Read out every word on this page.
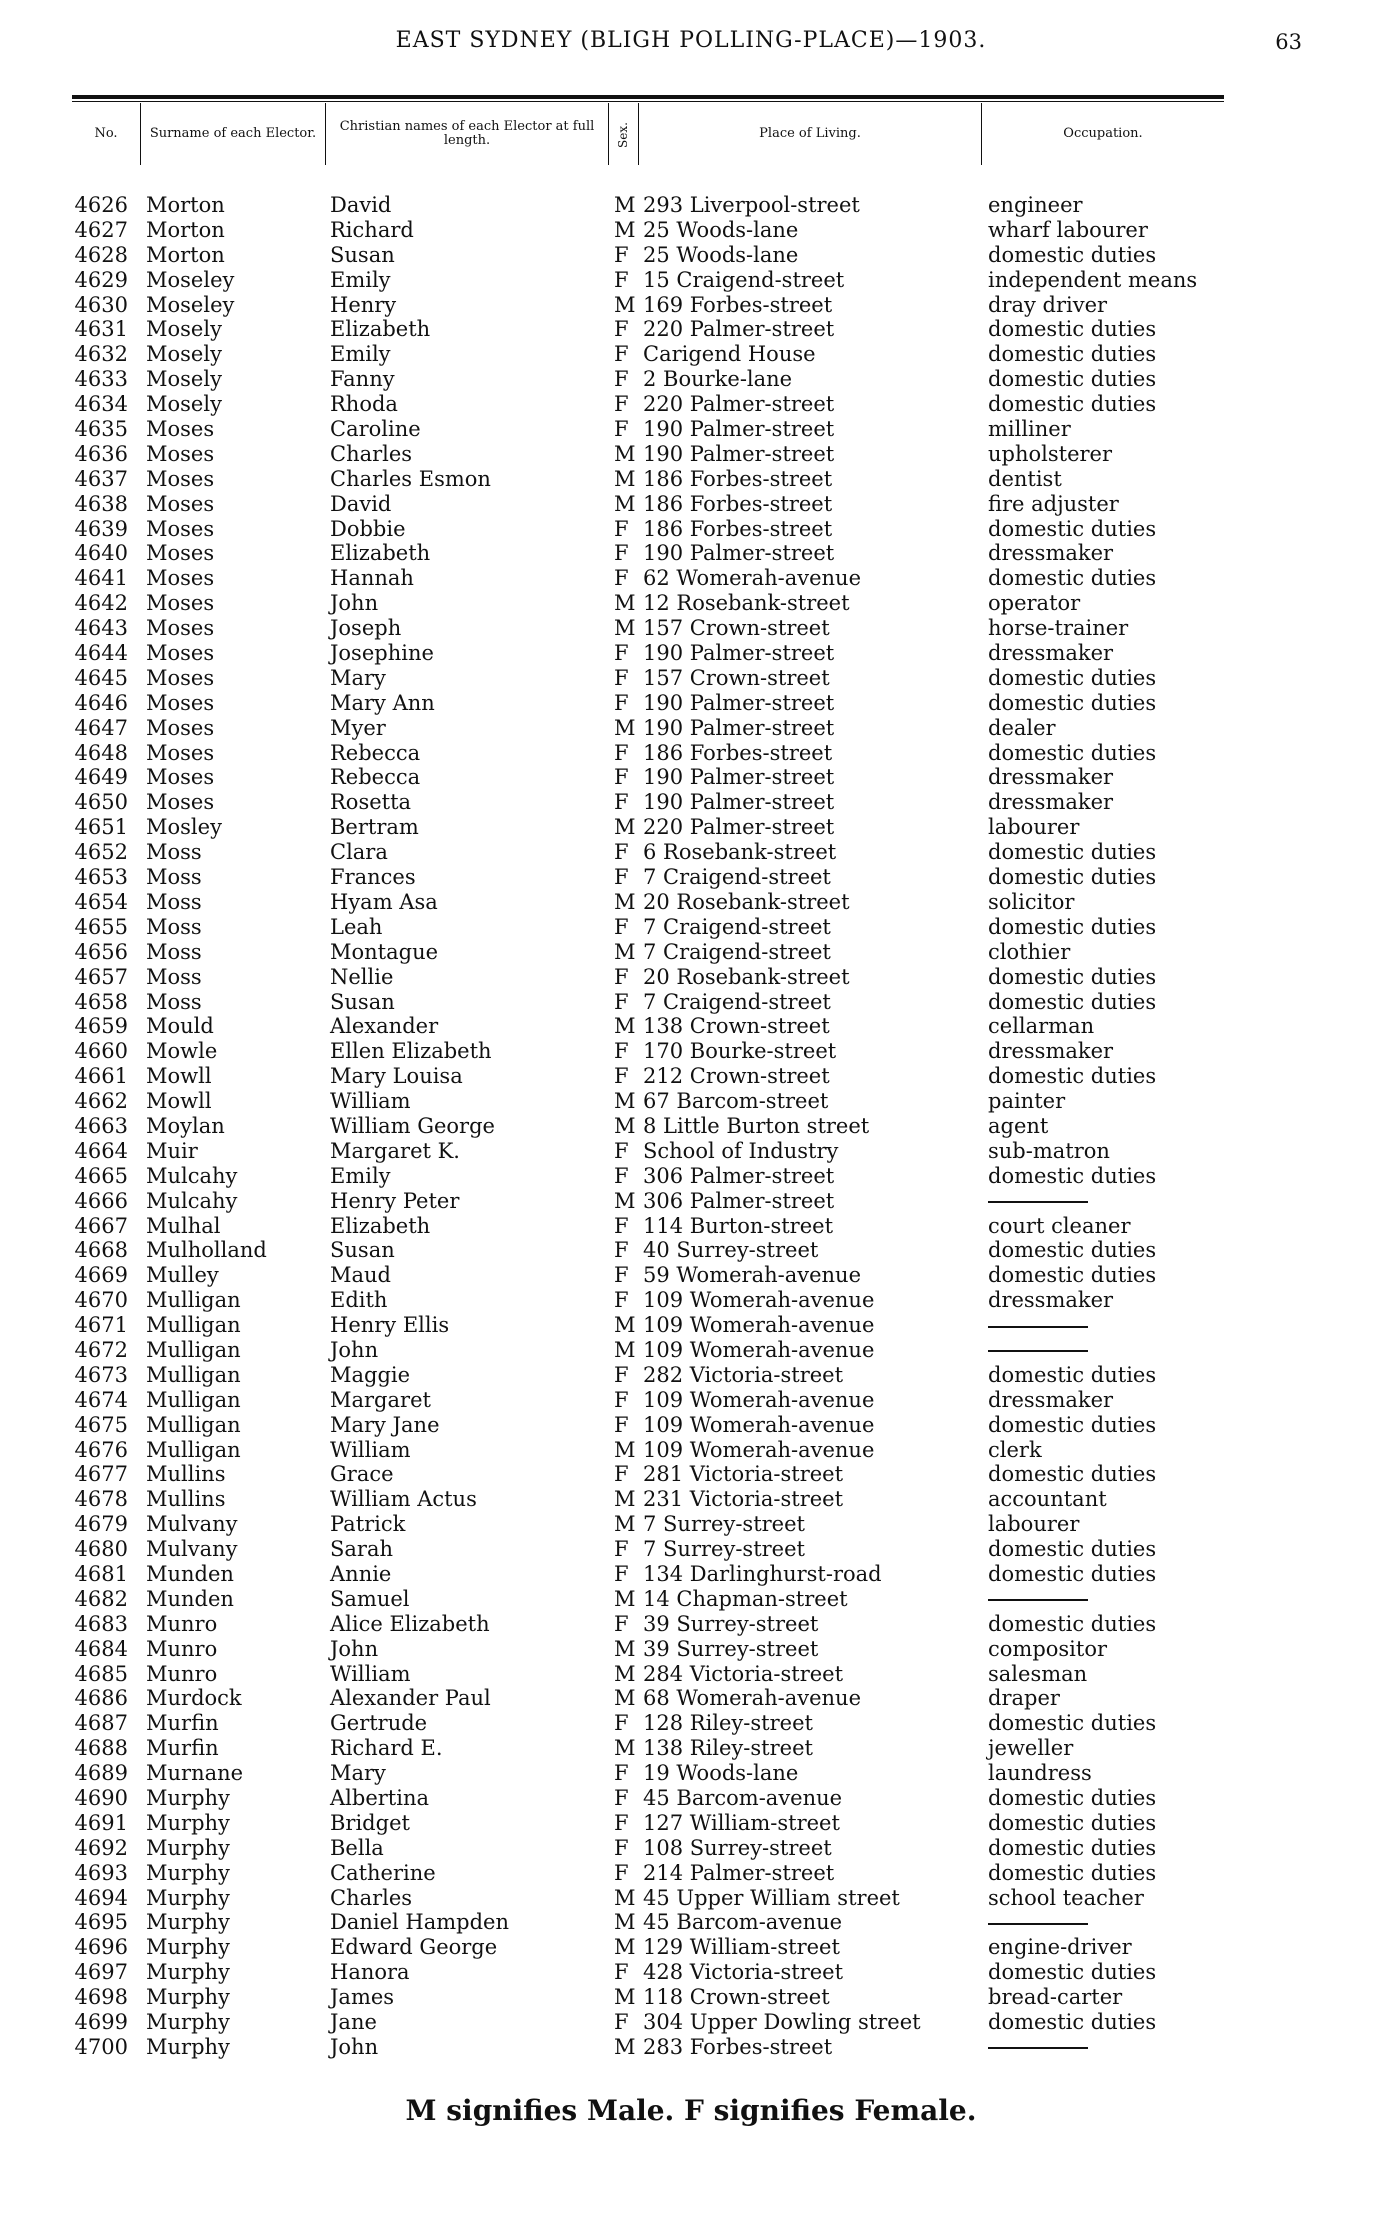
EAST SYDNEY (BLIGH POLLING-PLACE)—1903.	63
No.	Surname of each Elector.	Christian names of each Elector at full length.	Sex.	Place of Living.	Occupation.
4626 Morton	David	M 293 Liverpool-street	engineer
4627 Morton	Richard	M 25 Woods-lane	wharf labourer
4628 Morton	Susan	F 25 Woods-lane	domestic duties
4629 Moseley	Emily	F 15 Craigend-street	independent means
4630 Moseley	Henry	M 169 Forbes-street	dray driver
4631 Mosely	Elizabeth	F 220 Palmer-street	domestic duties
4632 Mosely	Emily	F Carigend House	domestic duties
4633 Mosely	Fanny	F 2 Bourke-lane	domestic duties
4634 Mosely	Rhoda	F 220 Palmer-street	domestic duties
4635 Moses	Caroline	F 190 Palmer-street	milliner
4636 Moses	Charles	M 190 Palmer-street	upholsterer
4637 Moses	Charles Esmon	M 186 Forbes-street	dentist
4638 Moses	David	M 186 Forbes-street	fire adjuster
4639 Moses	Dobbie	F 186 Forbes-street	domestic duties
4640 Moses	Elizabeth	F 190 Palmer-street	dressmaker
4641 Moses	Hannah	F 62 Womerah-avenue	domestic duties
4642 Moses	John	M 12 Rosebank-street	operator
4643 Moses	Joseph	M 157 Crown-street	horse-trainer
4644 Moses	Josephine	F 190 Palmer-street	dressmaker
4645 Moses	Mary	F 157 Crown-street	domestic duties
4646 Moses	Mary Ann	F 190 Palmer-street	domestic duties
4647 Moses	Myer	M 190 Palmer-street	dealer
4648 Moses	Rebecca	F 186 Forbes-street	domestic duties
4649 Moses	Rebecca	F 190 Palmer-street	dressmaker
4650 Moses	Rosetta	F 190 Palmer-street	dressmaker
4651 Mosley	Bertram	M 220 Palmer-street	labourer
4652 Moss	Clara	F 6 Rosebank-street	domestic duties
4653 Moss	Frances	F 7 Craigend-street	domestic duties
4654 Moss	Hyam Asa	M 20 Rosebank-street	solicitor
4655 Moss	Leah	F 7 Craigend-street	domestic duties
4656 Moss	Montague	M 7 Craigend-street	clothier
4657 Moss	Nellie	F 20 Rosebank-street	domestic duties
4658 Moss	Susan	F 7 Craigend-street	domestic duties
4659 Mould	Alexander	M 138 Crown-street	cellarman
4660 Mowle	Ellen Elizabeth	F 170 Bourke-street	dressmaker
4661 Mowll	Mary Louisa	F 212 Crown-street	domestic duties
4662 Mowll	William	M 67 Barcom-street	painter
4663 Moylan	William George	M 8 Little Burton street	agent
4664 Muir	Margaret K.	F School of Industry	sub-matron
4665 Mulcahy	Emily	F 306 Palmer-street	domestic duties
4666 Mulcahy	Henry Peter	M 306 Palmer-street
4667 Mulhal	Elizabeth	F 114 Burton-street	court cleaner
4668 Mulholland	Susan	F 40 Surrey-street	domestic duties
4669 Mulley	Maud	F 59 Womerah-avenue	domestic duties
4670 Mulligan	Edith	F 109 Womerah-avenue	dressmaker
4671 Mulligan	Henry Ellis	M 109 Womerah-avenue
4672 Mulligan	John	M 109 Womerah-avenue
4673 Mulligan	Maggie	F 282 Victoria-street	domestic duties
4674 Mulligan	Margaret	F 109 Womerah-avenue	dressmaker
4675 Mulligan	Mary Jane	F 109 Womerah-avenue	domestic duties
4676 Mulligan	William	M 109 Womerah-avenue	clerk
4677 Mullins	Grace	F 281 Victoria-street	domestic duties
4678 Mullins	William Actus	M 231 Victoria-street	accountant
4679 Mulvany	Patrick	M 7 Surrey-street	labourer
4680 Mulvany	Sarah	F 7 Surrey-street	domestic duties
4681 Munden	Annie	F 134 Darlinghurst-road	domestic duties
4682 Munden	Samuel	M 14 Chapman-street
4683 Munro	Alice Elizabeth	F 39 Surrey-street	domestic duties
4684 Munro	John	M 39 Surrey-street	compositor
4685 Munro	William	M 284 Victoria-street	salesman
4686 Murdock	Alexander Paul	M 68 Womerah-avenue	draper
4687 Murfin	Gertrude	F 128 Riley-street	domestic duties
4688 Murfin	Richard E.	M 138 Riley-street	jeweller
4689 Murnane	Mary	F 19 Woods-lane	laundress
4690 Murphy	Albertina	F 45 Barcom-avenue	domestic duties
4691 Murphy	Bridget	F 127 William-street	domestic duties
4692 Murphy	Bella	F 108 Surrey-street	domestic duties
4693 Murphy	Catherine	F 214 Palmer-street	domestic duties
4694 Murphy	Charles	M 45 Upper William street	school teacher
4695 Murphy	Daniel Hampden	M 45 Barcom-avenue
4696 Murphy	Edward George	M 129 William-street	engine-driver
4697 Murphy	Hanora	F 428 Victoria-street	domestic duties
4698 Murphy	James	M 118 Crown-street	bread-carter
4699 Murphy	Jane	F 304 Upper Dowling street	domestic duties
4700 Murphy	John	M 283 Forbes-street
M signifies Male. F signifies Female.
